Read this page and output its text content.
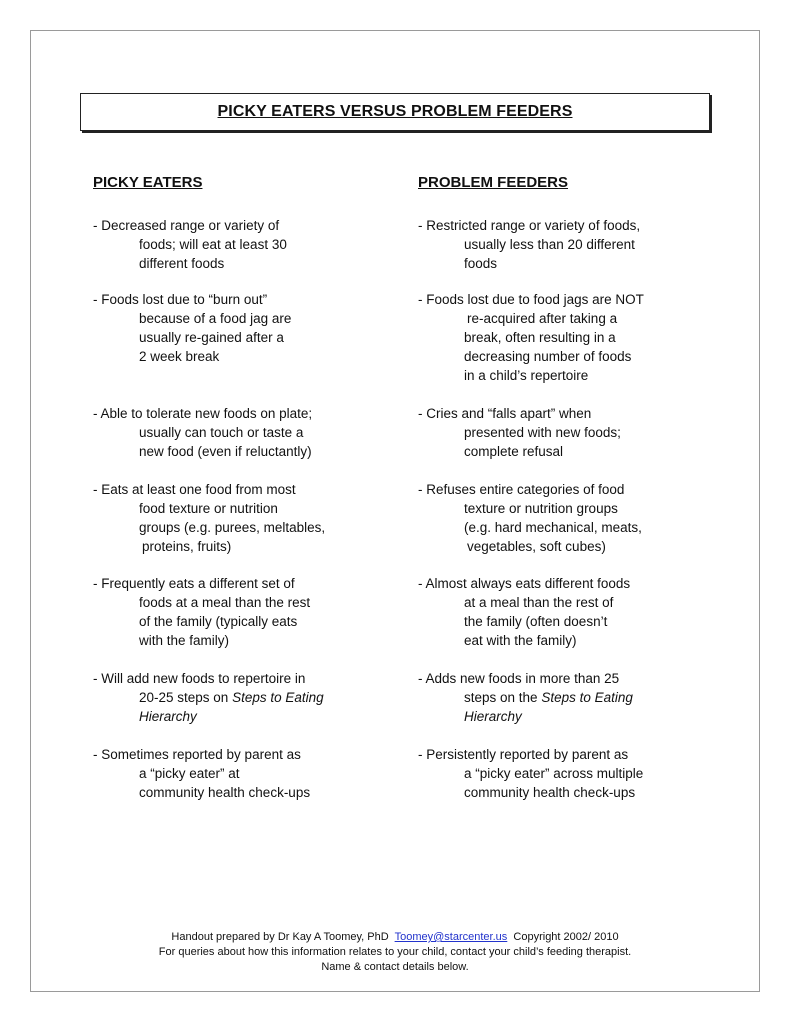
PICKY EATERS VERSUS PROBLEM FEEDERS
PICKY EATERS
- Decreased range or variety of
foods; will eat at least 30
different foods
- Foods lost due to “burn out”
because of a food jag are
usually re-gained after a
2 week break
- Able to tolerate new foods on plate;
usually can touch or taste a
new food (even if reluctantly)
- Eats at least one food from most
food texture or nutrition
groups (e.g. purees, meltables,
proteins, fruits)
- Frequently eats a different set of
foods at a meal than the rest
of the family (typically eats
with the family)
- Will add new foods to repertoire in
20-25 steps on Steps to Eating
Hierarchy
- Sometimes reported by parent as
a “picky eater” at
community health check-ups
PROBLEM FEEDERS
- Restricted range or variety of foods,
usually less than 20 different
foods
- Foods lost due to food jags are NOT
re-acquired after taking a
break, often resulting in a
decreasing number of foods
in a child’s repertoire
- Cries and “falls apart” when
presented with new foods;
complete refusal
- Refuses entire categories of food
texture or nutrition groups
(e.g. hard mechanical, meats,
vegetables, soft cubes)
- Almost always eats different foods
at a meal than the rest of
the family (often doesn’t
eat with the family)
- Adds new foods in more than 25
steps on the Steps to Eating
Hierarchy
- Persistently reported by parent as
a “picky eater” across multiple
community health check-ups
Handout prepared by Dr Kay A Toomey, PhD Toomey@starcenter.us Copyright 2002/ 2010
For queries about how this information relates to your child, contact your child’s feeding therapist.
Name & contact details below.
